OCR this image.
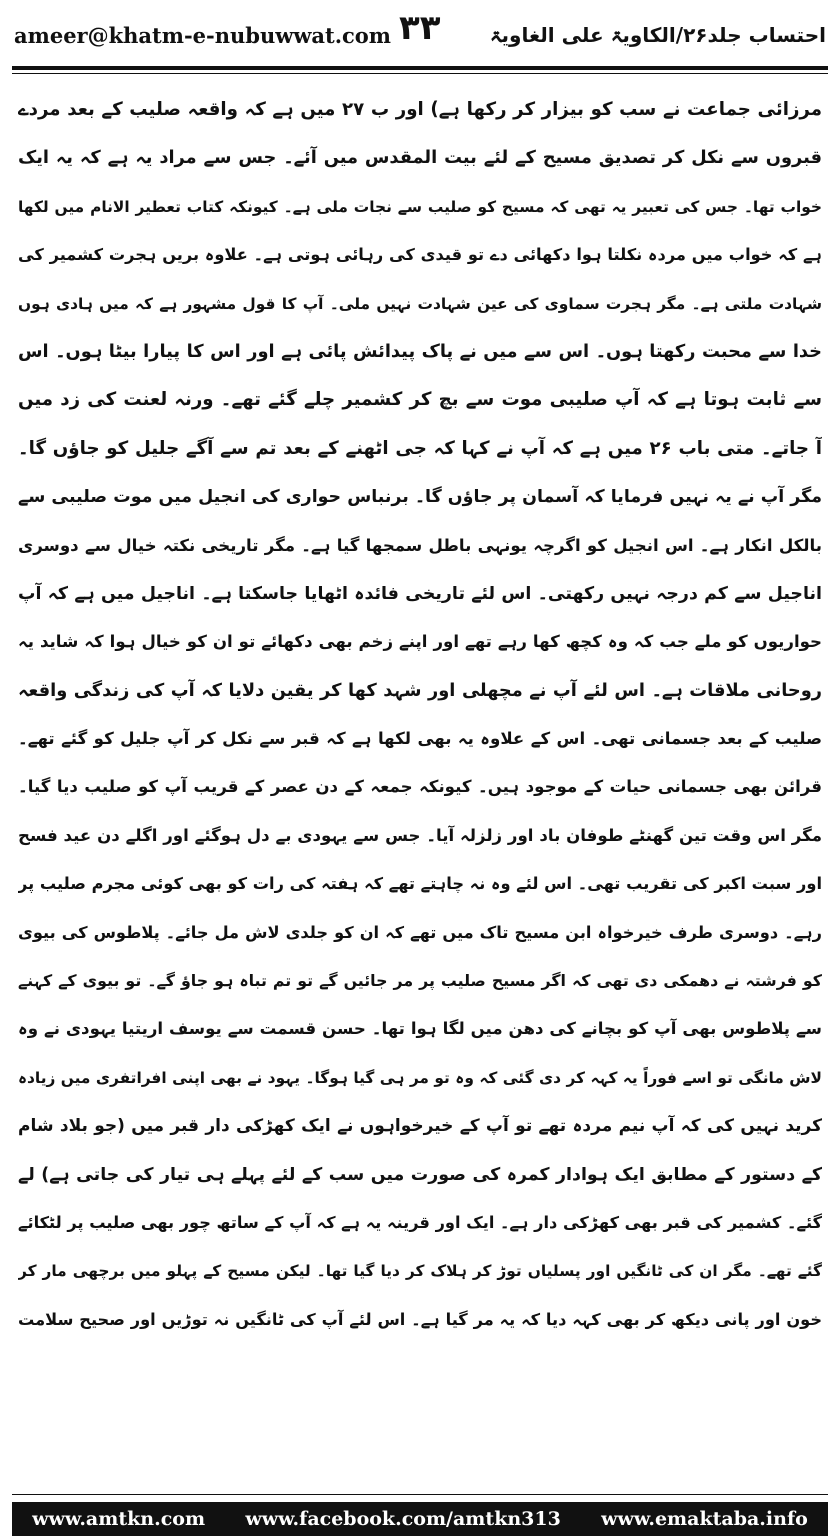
ameer@khatm-e-nubuwwat.com ۳۳ احتساب جلد۲۶/الکاویۃ علی الغاویۃ
مرزائی جماعت نے سب کو بیزار کر رکھا ہے) اور ب ۲۷ میں ہے کہ واقعہ صلیب کے بعد مردے
قبروں سے نکل کر تصدیق مسیح کے لئے بیت المقدس میں آئے۔ جس سے مراد یہ ہے کہ یہ ایک
خواب تھا۔ جس کی تعبیر یہ تھی کہ مسیح کو صلیب سے نجات ملی ہے۔ کیونکہ کتاب تعطیر الانام میں لکھا
ہے کہ خواب میں مردہ نکلتا ہوا دکھائی دے تو قیدی کی رہائی ہوتی ہے۔ علاوہ بریں ہجرت کشمیر کی
شہادت ملتی ہے۔ مگر ہجرت سماوی کی عین شہادت نہیں ملی۔ آپ کا قول مشہور ہے کہ میں ہادی ہوں
خدا سے محبت رکھتا ہوں۔ اس سے میں نے پاک پیدائش پائی ہے اور اس کا پیارا بیٹا ہوں۔ اس
سے ثابت ہوتا ہے کہ آپ صلیبی موت سے بچ کر کشمیر چلے گئے تھے۔ ورنہ لعنت کی زد میں
آ جاتے۔ متی باب ۲۶ میں ہے کہ آپ نے کہا کہ جی اٹھنے کے بعد تم سے آگے جلیل کو جاؤں گا۔
مگر آپ نے یہ نہیں فرمایا کہ آسمان پر جاؤں گا۔ برنباس حواری کی انجیل میں موت صلیبی سے
بالکل انکار ہے۔ اس انجیل کو اگرچہ یونہی باطل سمجھا گیا ہے۔ مگر تاریخی نکتہ خیال سے دوسری
اناجیل سے کم درجہ نہیں رکھتی۔ اس لئے تاریخی فائدہ اٹھایا جاسکتا ہے۔ اناجیل میں ہے کہ آپ
حواریوں کو ملے جب کہ وہ کچھ کھا رہے تھے اور اپنے زخم بھی دکھائے تو ان کو خیال ہوا کہ شاید یہ
روحانی ملاقات ہے۔ اس لئے آپ نے مچھلی اور شہد کھا کر یقین دلایا کہ آپ کی زندگی واقعہ
صلیب کے بعد جسمانی تھی۔ اس کے علاوہ یہ بھی لکھا ہے کہ قبر سے نکل کر آپ جلیل کو گئے تھے۔
قرائن بھی جسمانی حیات کے موجود ہیں۔ کیونکہ جمعہ کے دن عصر کے قریب آپ کو صلیب دیا گیا۔
مگر اس وقت تین گھنٹے طوفان باد اور زلزلہ آیا۔ جس سے یہودی بے دل ہوگئے اور اگلے دن عید فسح
اور سبت اکبر کی تقریب تھی۔ اس لئے وہ نہ چاہتے تھے کہ ہفتہ کی رات کو بھی کوئی مجرم صلیب پر
رہے۔ دوسری طرف خیرخواہ ابن مسیح تاک میں تھے کہ ان کو جلدی لاش مل جائے۔ پلاطوس کی بیوی
کو فرشتہ نے دھمکی دی تھی کہ اگر مسیح صلیب پر مر جائیں گے تو تم تباہ ہو جاؤ گے۔ تو بیوی کے کہنے
سے پلاطوس بھی آپ کو بچانے کی دھن میں لگا ہوا تھا۔ حسن قسمت سے یوسف اریتیا یہودی نے وہ
لاش مانگی تو اسے فوراً یہ کہہ کر دی گئی کہ وہ تو مر ہی گیا ہوگا۔ یہود نے بھی اپنی افراتفری میں زیادہ
کرید نہیں کی کہ آپ نیم مردہ تھے تو آپ کے خیرخواہوں نے ایک کھڑکی دار قبر میں (جو بلاد شام
کے دستور کے مطابق ایک ہوادار کمرہ کی صورت میں سب کے لئے پہلے ہی تیار کی جاتی ہے) لے
گئے۔ کشمیر کی قبر بھی کھڑکی دار ہے۔ ایک اور قرینہ یہ ہے کہ آپ کے ساتھ چور بھی صلیب پر لٹکائے
گئے تھے۔ مگر ان کی ٹانگیں اور پسلیاں توڑ کر ہلاک کر دیا گیا تھا۔ لیکن مسیح کے پہلو میں برچھی مار کر
خون اور پانی دیکھ کر بھی کہہ دیا کہ یہ مر گیا ہے۔ اس لئے آپ کی ٹانگیں نہ توڑیں اور صحیح سلامت
www.amtkn.com www.facebook.com/amtkn313 www.emaktaba.info
